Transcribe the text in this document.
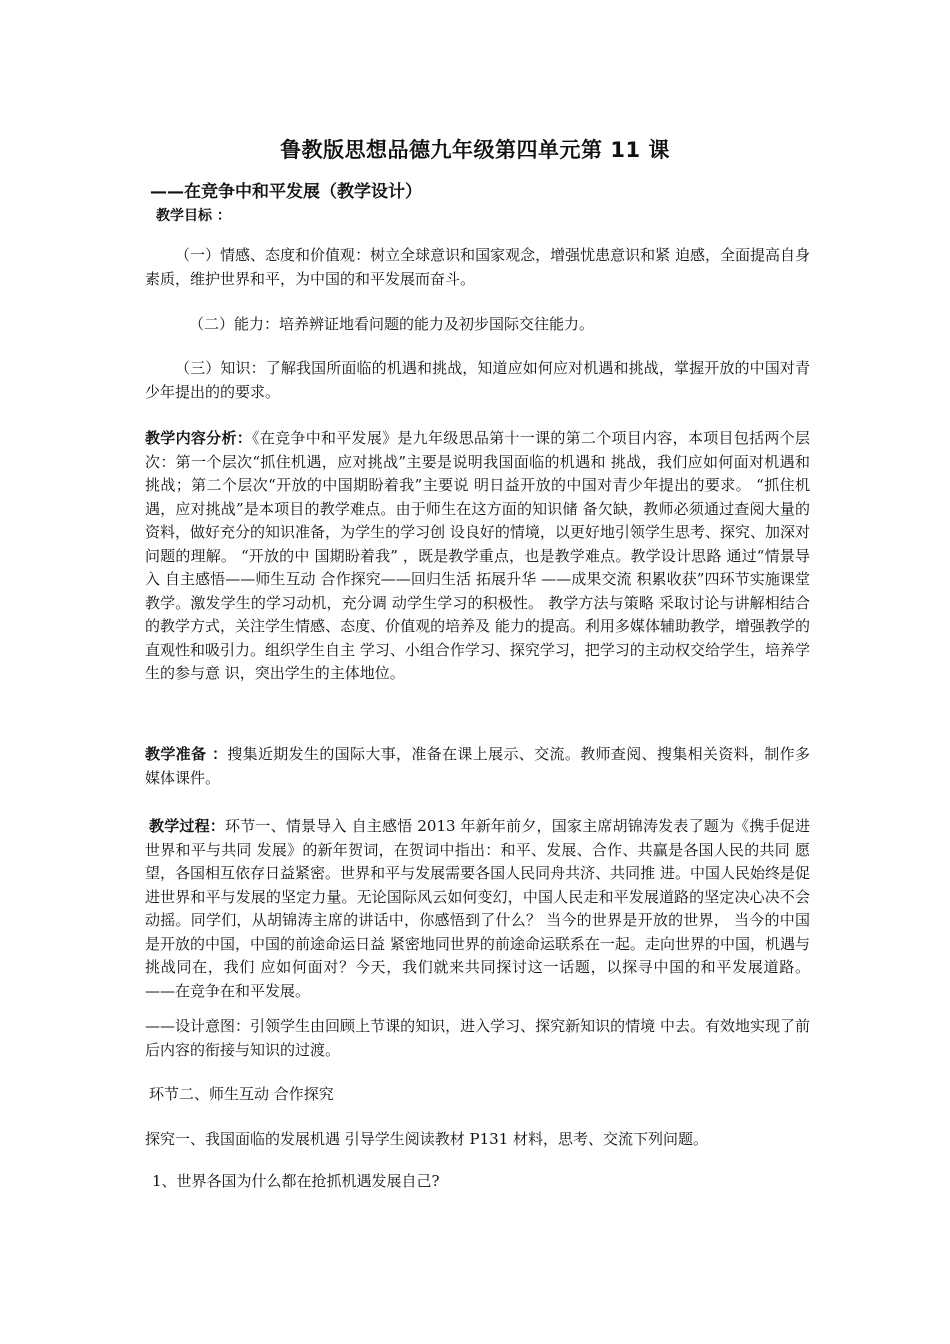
鲁教版思想品德九年级第四单元第 11 课
——在竞争中和平发展（教学设计）
教学目标 ：

（一）情感、态度和价值观：树立全球意识和国家观念，增强忧患意识和紧 迫感，全面提高自身素质，维护世界和平，为中国的和平发展而奋斗。

（二）能力：培养辨证地看问题的能力及初步国际交往能力。

（三）知识：了解我国所面临的机遇和挑战，知道应如何应对机遇和挑战，掌握开放的中国对青少年提出的的要求。

教学内容分析：《在竞争中和平发展》是九年级思品第十一课的第二个项目内容，本项目包括两个层次：第一个层次“抓住机遇，应对挑战”主要是说明我国面临的机遇和 挑战，我们应如何面对机遇和挑战；第二个层次“开放的中国期盼着我”主要说 明日益开放的中国对青少年提出的要求。 “抓住机遇，应对挑战”是本项目的教学难点。由于师生在这方面的知识储 备欠缺，教师必须通过查阅大量的资料，做好充分的知识准备，为学生的学习创 设良好的情境，以更好地引领学生思考、探究、加深对问题的理解。 “开放的中 国期盼着我” ，既是教学重点，也是教学难点。教学设计思路 通过“情景导入 自主感悟——师生互动 合作探究——回归生活 拓展升华 ——成果交流 积累收获”四环节实施课堂教学。激发学生的学习动机，充分调 动学生学习的积极性。 教学方法与策略 采取讨论与讲解相结合的教学方式，关注学生情感、态度、价值观的培养及 能力的提高。利用多媒体辅助教学，增强教学的直观性和吸引力。组织学生自主 学习、小组合作学习、探究学习，把学习的主动权交给学生，培养学生的参与意 识，突出学生的主体地位。

教学准备 ：搜集近期发生的国际大事，准备在课上展示、交流。教师查阅、搜集相关资料，制作多媒体课件。

教学过程：环节一、情景导入 自主感悟 2013 年新年前夕，国家主席胡锦涛发表了题为《携手促进世界和平与共同 发展》的新年贺词，在贺词中指出：和平、发展、合作、共赢是各国人民的共同 愿望，各国相互依存日益紧密。世界和平与发展需要各国人民同舟共济、共同推 进。中国人民始终是促进世界和平与发展的坚定力量。无论国际风云如何变幻，中国人民走和平发展道路的坚定决心决不会动摇。同学们，从胡锦涛主席的讲话中，你感悟到了什么？ 当今的世界是开放的世界， 当今的中国是开放的中国，中国的前途命运日益 紧密地同世界的前途命运联系在一起。走向世界的中国，机遇与挑战同在，我们 应如何面对？今天，我们就来共同探讨这一话题，以探寻中国的和平发展道路。 ——在竞争在和平发展。

——设计意图：引领学生由回顾上节课的知识，进入学习、探究新知识的情境 中去。有效地实现了前后内容的衔接与知识的过渡。

环节二、师生互动 合作探究

探究一、我国面临的发展机遇 引导学生阅读教材 P131 材料，思考、交流下列问题。

1、世界各国为什么都在抢抓机遇发展自己?
